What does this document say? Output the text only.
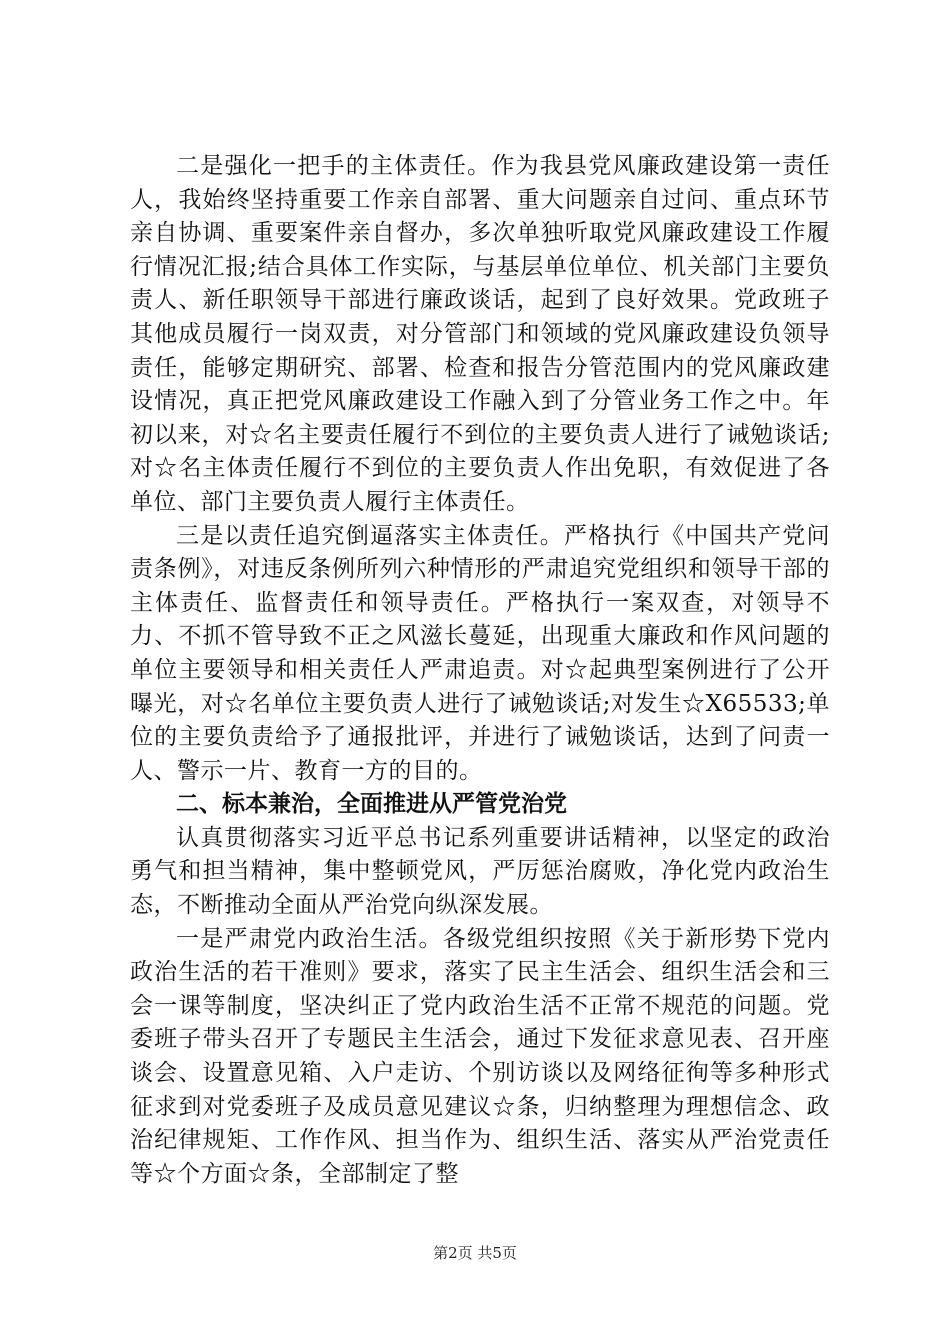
二是强化一把手的主体责任。作为我县党风廉政建设第一责任人，我始终坚持重要工作亲自部署、重大问题亲自过问、重点环节亲自协调、重要案件亲自督办，多次单独听取党风廉政建设工作履行情况汇报;结合具体工作实际，与基层单位单位、机关部门主要负责人、新任职领导干部进行廉政谈话，起到了良好效果。党政班子其他成员履行一岗双责，对分管部门和领域的党风廉政建设负领导责任，能够定期研究、部署、检查和报告分管范围内的党风廉政建设情况，真正把党风廉政建设工作融入到了分管业务工作之中。年初以来，对☆名主要责任履行不到位的主要负责人进行了诫勉谈话;对☆名主体责任履行不到位的主要负责人作出免职，有效促进了各单位、部门主要负责人履行主体责任。

三是以责任追究倒逼落实主体责任。严格执行《中国共产党问责条例》，对违反条例所列六种情形的严肃追究党组织和领导干部的主体责任、监督责任和领导责任。严格执行一案双查，对领导不力、不抓不管导致不正之风滋长蔓延，出现重大廉政和作风问题的单位主要领导和相关责任人严肃追责。对☆起典型案例进行了公开曝光，对☆名单位主要负责人进行了诫勉谈话;对发生☆X65533;单位的主要负责给予了通报批评，并进行了诫勉谈话，达到了问责一人、警示一片、教育一方的目的。

二、标本兼治，全面推进从严管党治党

认真贯彻落实习近平总书记系列重要讲话精神，以坚定的政治勇气和担当精神，集中整顿党风，严厉惩治腐败，净化党内政治生态，不断推动全面从严治党向纵深发展。

一是严肃党内政治生活。各级党组织按照《关于新形势下党内政治生活的若干准则》要求，落实了民主生活会、组织生活会和三会一课等制度，坚决纠正了党内政治生活不正常不规范的问题。党委班子带头召开了专题民主生活会，通过下发征求意见表、召开座谈会、设置意见箱、入户走访、个别访谈以及网络征徇等多种形式征求到对党委班子及成员意见建议☆条，归纳整理为理想信念、政治纪律规矩、工作作风、担当作为、组织生活、落实从严治党责任等☆个方面☆条，全部制定了整

第2页 共5页
